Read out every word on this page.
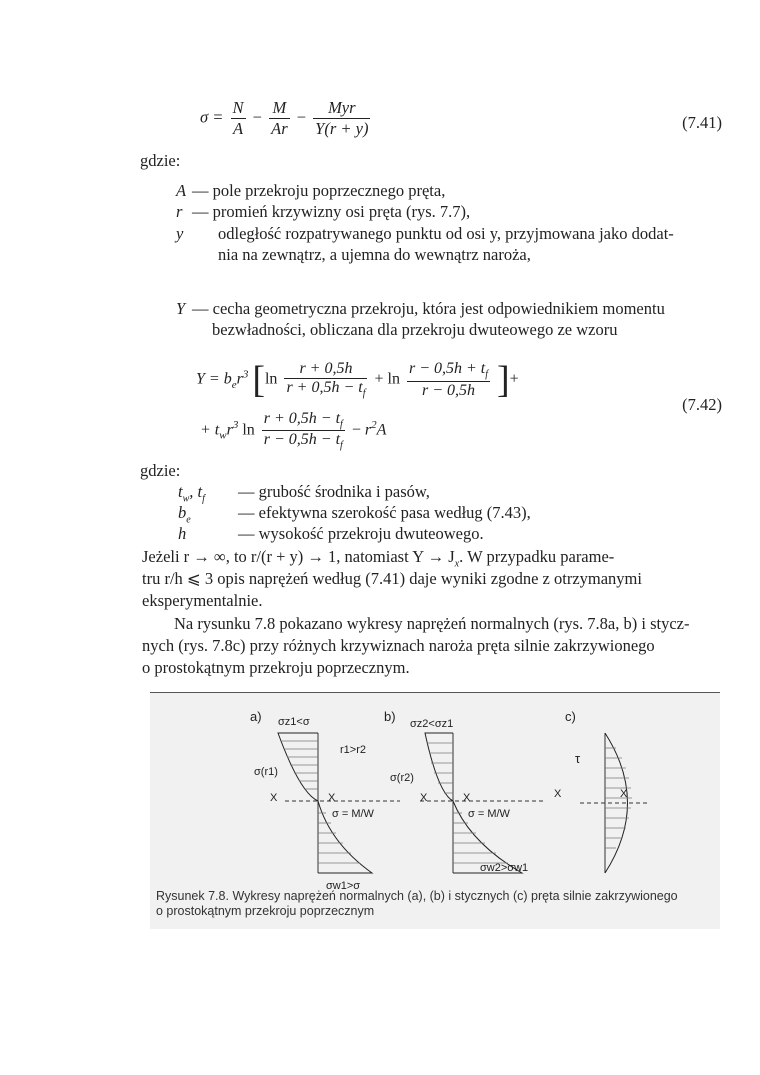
$\sigma = \frac{N}{A} - \frac{M}{Ar} - \frac{\text{Myr}}{Y(r + y)}$	(7.41)
gdzie:
A — pole przekroju poprzecznego pręta,
r — promień krzywizny osi pręta (rys. 7.7),
y odległość rozpatrywanego punktu od osi y, przyjmowana jako dodat-
nia na zewnątrz, a ujemna do wewnątrz naroża,
Y — cecha geometryczna przekroju, która jest odpowiednikiem momentu
bezwładności, obliczana dla przekroju dwuteowego ze wzoru
$Y = b_er^3$ [$\ln \frac{r + 0,5h}{r + 0,5h - t_f} + \ln \frac{r - 0,5h + t_f}{r - 0,5h}$ ]+
+ $t_wr^3$ $\ln \frac{r + 0,5h - t_f}{r - 0,5h - t_f} - r^2A$
(7.42)
gdzie:
$t_w$, $t_f$ — grubość środnika i pasów,
$b_e$	— efektywna szerokość pasa według (7.43),
h	— wysokość przekroju dwuteowego.
Jeżeli r → ∞, to r/(r + y) → 1, natomiast $Y \to J_x$. W przypadku parame-
tru r/h ⩽ 3 opis naprężeń według (7.41) daje wyniki zgodne z otrzymanymi
eksperymentalnie.
Na rysunku 7.8 pokazano wykresy naprężeń normalnych (rys. 7.8a, b) i stycz-
nych (rys. 7.8c) przy różnych krzywiznach naroża pręta silnie zakrzywionego
o prostokątnym przekroju poprzecznym.
a) σz1<σ
r1>r2
σ(r1)
X	X
σ = M/W
σw1>σ
b) σz2<σz1
σ(r2)
X	X
σ = M/W
σw2>σw1
c)
τ
X	X
Rysunek 7.8. Wykresy naprężeń normalnych (a), (b) i stycznych (c) pręta silnie zakrzywionego
o prostokątnym przekroju poprzecznym
